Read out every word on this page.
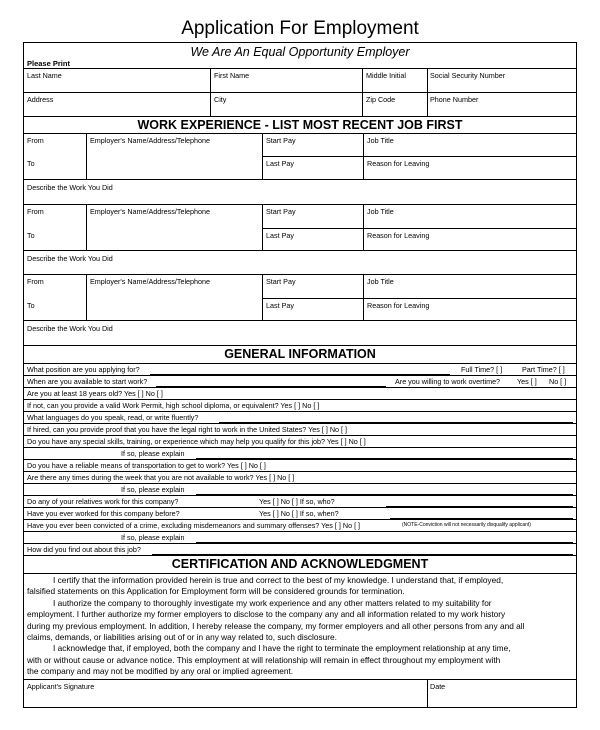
Application For Employment
We Are An Equal Opportunity Employer
Please Print
Last Name	First Name	Middle Initial	Social Security Number
Address	City	Zip Code	Phone Number
WORK EXPERIENCE - LIST MOST RECENT JOB FIRST
From	Employer's Name/Address/Telephone	Start Pay	Job Title
To	Last Pay	Reason for Leaving
Describe the Work You Did
From	Employer's Name/Address/Telephone	Start Pay	Job Title
To	Last Pay	Reason for Leaving
Describe the Work You Did
From	Employer's Name/Address/Telephone	Start Pay	Job Title
To	Last Pay	Reason for Leaving
Describe the Work You Did
GENERAL INFORMATION
What position are you applying for?	Full Time? [ ]	Part Time? [ ]
When are you available to start work?	Are you willing to work overtime? Yes [ ] No [ ]
Are you at least 18 years old? Yes [ ] No [ ]
If not, can you provide a valid Work Permit, high school diploma, or equivalent? Yes [ ] No [ ]
What languages do you speak, read, or write fluently?
If hired, can you provide proof that you have the legal right to work in the United States? Yes [ ] No [ ]
Do you have any special skills, training, or experience which may help you qualify for this job? Yes [ ] No [ ]
If so, please explain
Do you have a reliable means of transportation to get to work? Yes [ ] No [ ]
Are there any times during the week that you are not available to work? Yes [ ] No [ ]
If so, please explain
Do any of your relatives work for this company?	Yes [ ] No [ ] If so, who?
Have you ever worked for this company before?	Yes [ ] No [ ] If so, when?
Have you ever been convicted of a crime, excluding misdemeanors and summary offenses? Yes [ ] No [ ]	(NOTE-Conviction will not necessarily disqualify applicant)
If so, please explain
How did you find out about this job?
CERTIFICATION AND ACKNOWLEDGMENT

I certify that the information provided herein is true and correct to the best of my knowledge. I understand that, if employed,

falsified statements on this Application for Employment form will be considered grounds for termination.

I authorize the company to thoroughly investigate my work experience and any other matters related to my suitability for

employment. I further authorize my former employers to disclose to the company any and all information related to my work history

during my previous employment. In addition, I hereby release the company, my former employers and all other persons from any and all

claims, demands, or liabilities arising out of or in any way related to, such disclosure.

I acknowledge that, if employed, both the company and I have the right to terminate the employment relationship at any time,

with or without cause or advance notice. This employment at will relationship will remain in effect throughout my employment with

the company and may not be modified by any oral or implied agreement.

Applicant's Signature	Date
